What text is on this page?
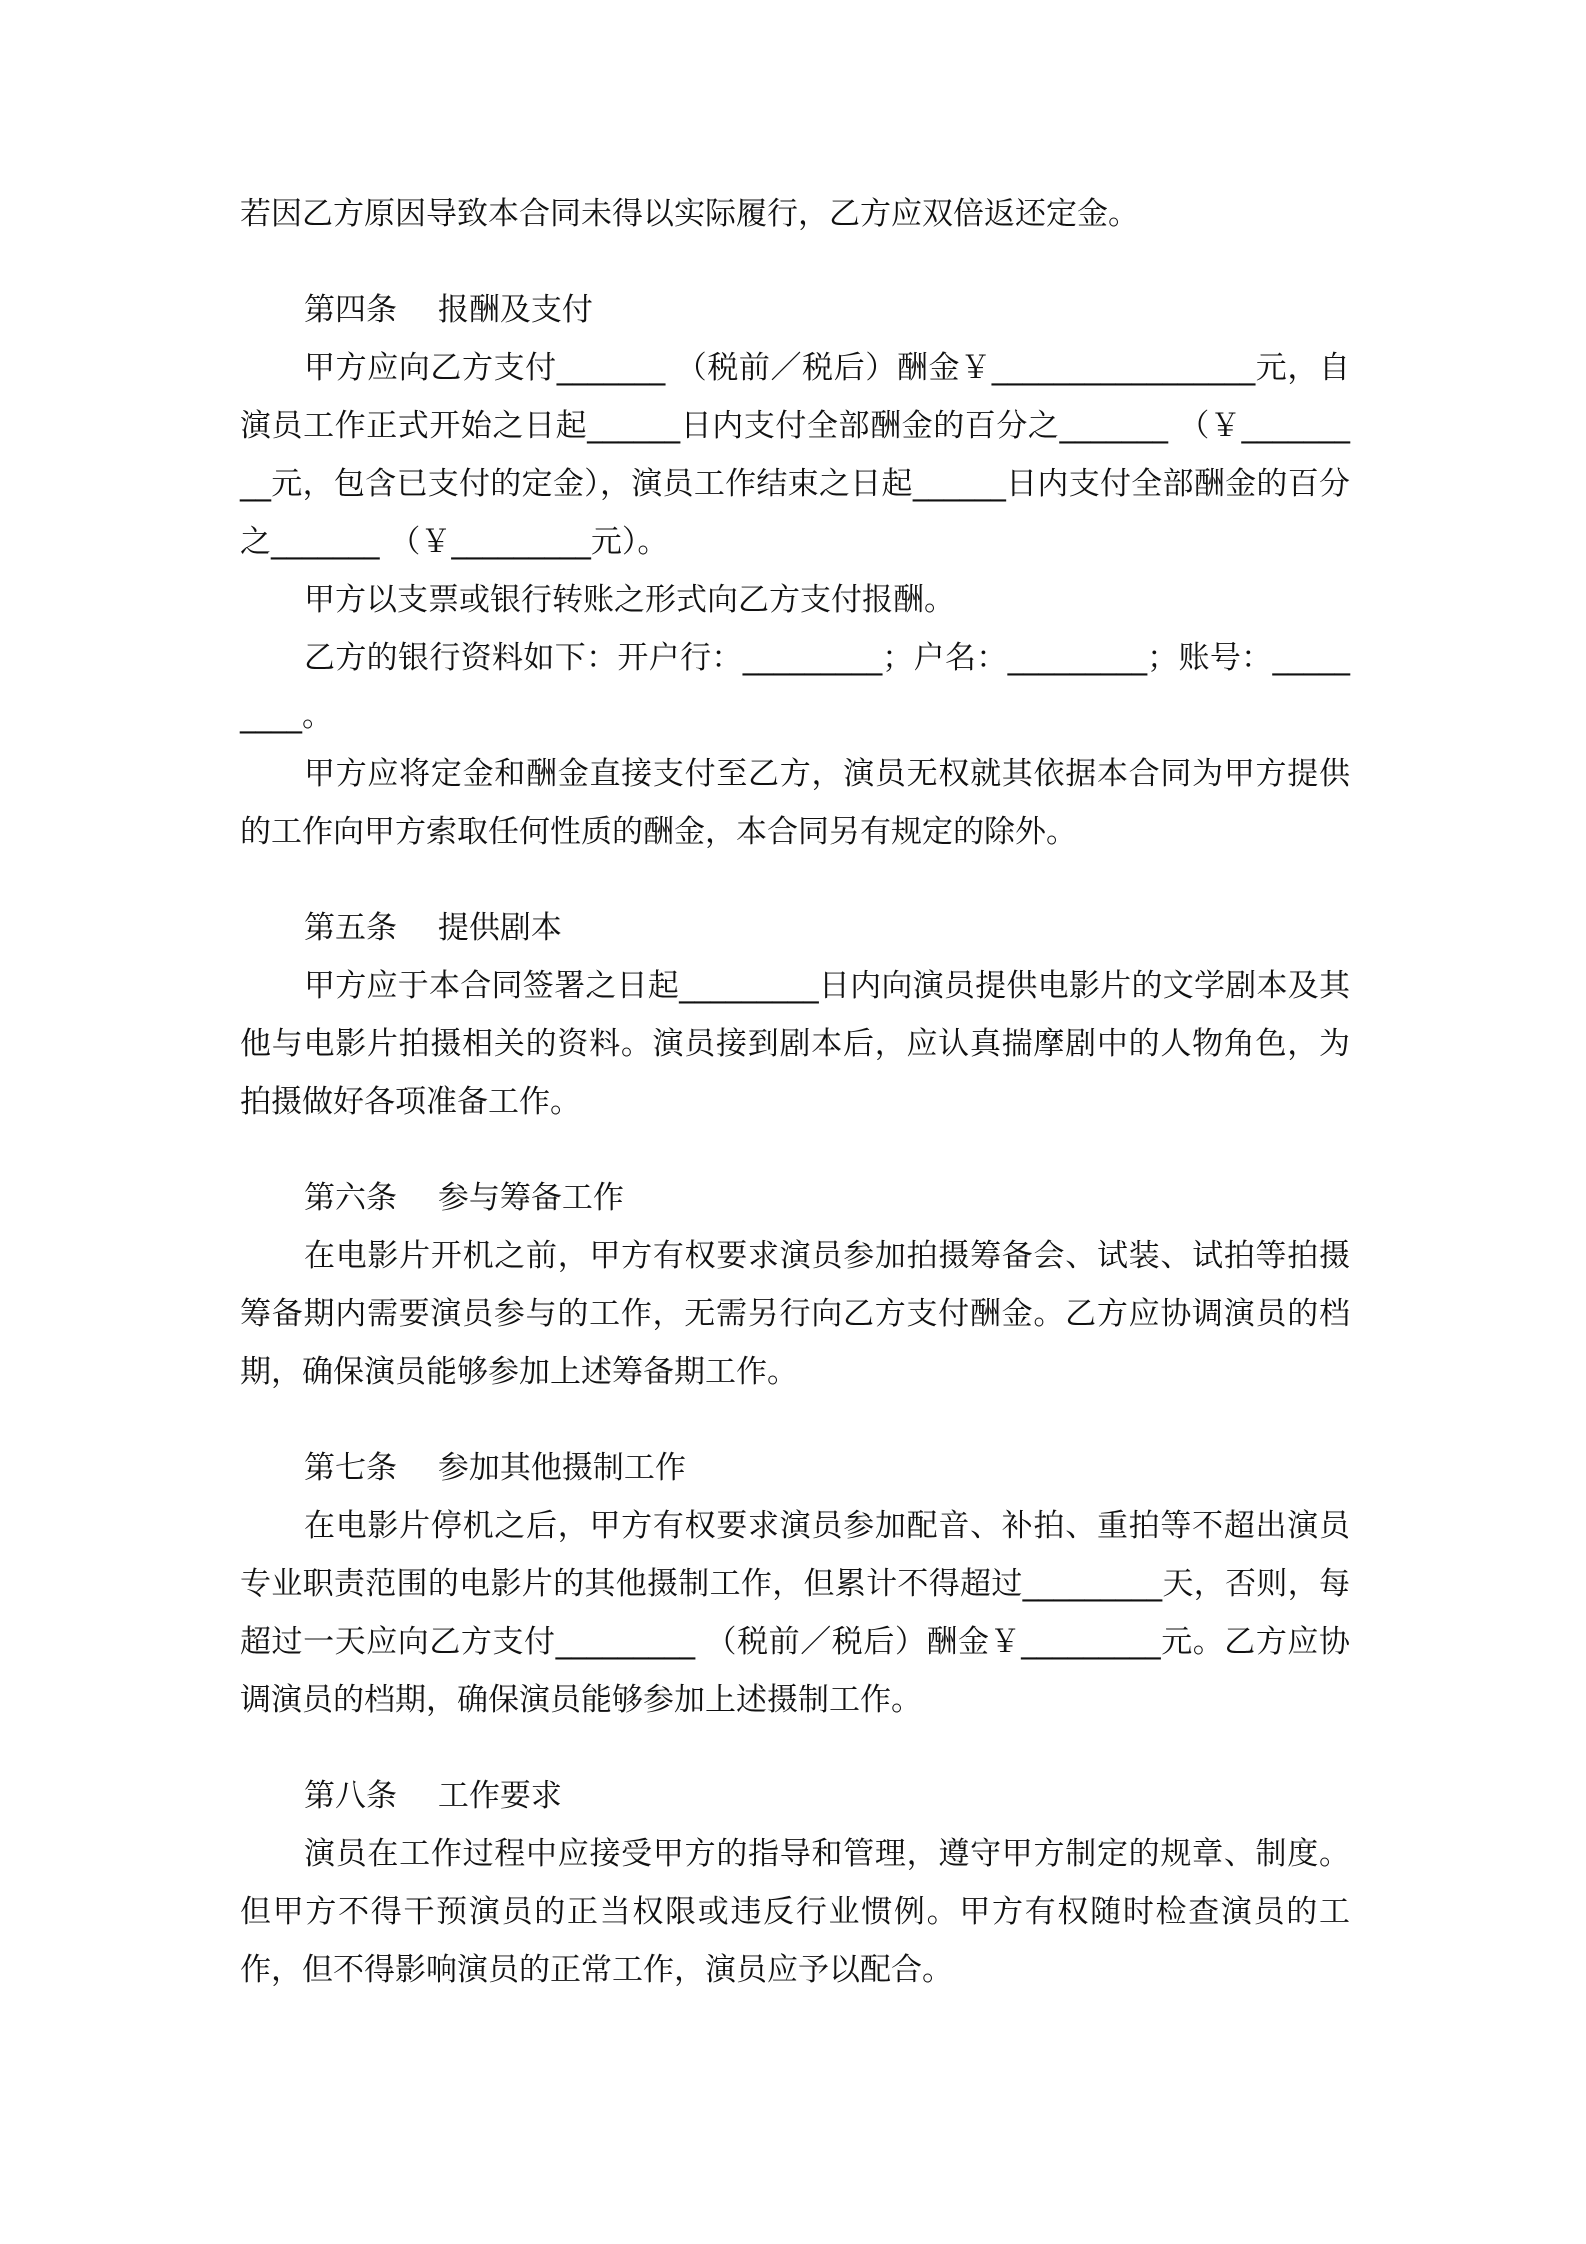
若因乙方原因导致本合同未得以实际履行，乙方应双倍返还定金。

第四条　 报酬及支付

甲方应向乙方支付_______ （税前／税后）酬金￥_________________元，自演员工作正式开始之日起______日内支付全部酬金的百分之_______ （￥_________元，包含已支付的定金），演员工作结束之日起______日内支付全部酬金的百分之_______ （￥_________元）。

甲方以支票或银行转账之形式向乙方支付报酬。

乙方的银行资料如下：开户行：_________；户名：_________；账号：_________。

甲方应将定金和酬金直接支付至乙方，演员无权就其依据本合同为甲方提供的工作向甲方索取任何性质的酬金，本合同另有规定的除外。

第五条　 提供剧本

甲方应于本合同签署之日起_________日内向演员提供电影片的文学剧本及其他与电影片拍摄相关的资料。演员接到剧本后，应认真揣摩剧中的人物角色，为拍摄做好各项准备工作。

第六条　 参与筹备工作

在电影片开机之前，甲方有权要求演员参加拍摄筹备会、试装、试拍等拍摄筹备期内需要演员参与的工作，无需另行向乙方支付酬金。乙方应协调演员的档期，确保演员能够参加上述筹备期工作。

第七条　 参加其他摄制工作

在电影片停机之后，甲方有权要求演员参加配音、补拍、重拍等不超出演员专业职责范围的电影片的其他摄制工作，但累计不得超过_________天，否则，每超过一天应向乙方支付_________ （税前／税后）酬金￥_________元。乙方应协调演员的档期，确保演员能够参加上述摄制工作。

第八条　 工作要求

演员在工作过程中应接受甲方的指导和管理，遵守甲方制定的规章、制度。但甲方不得干预演员的正当权限或违反行业惯例。甲方有权随时检查演员的工作，但不得影响演员的正常工作，演员应予以配合。
